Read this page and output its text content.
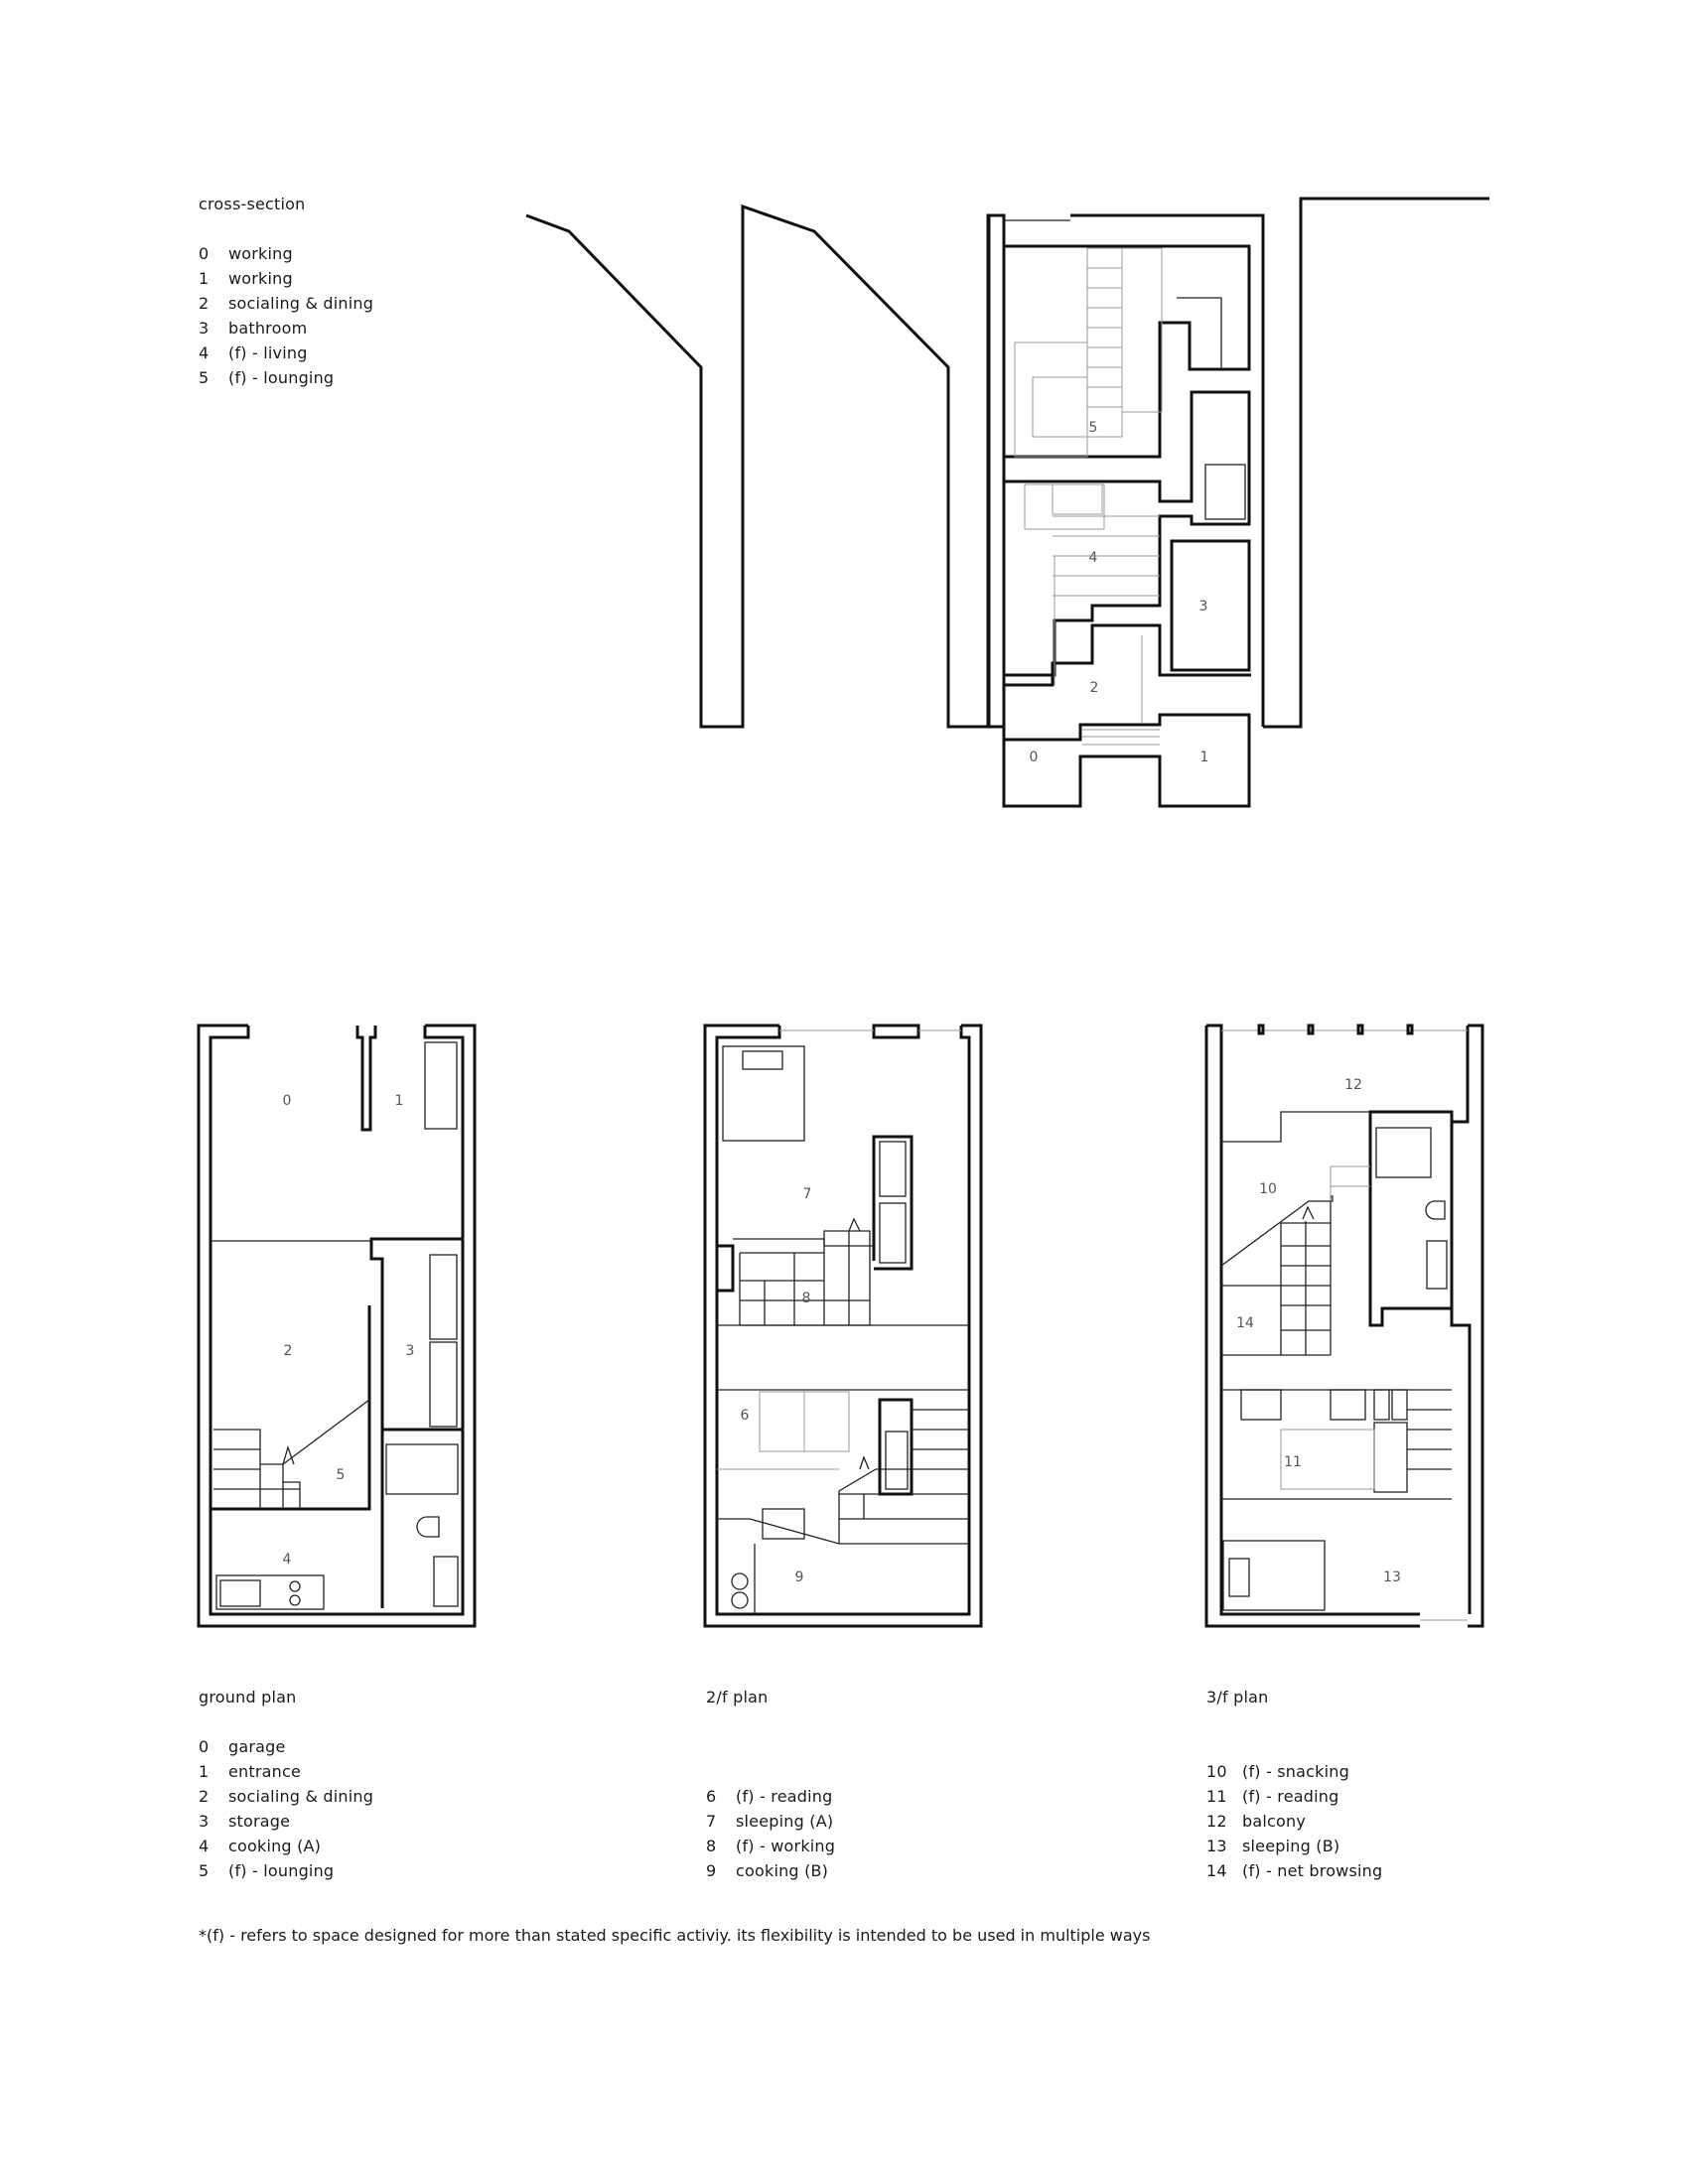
cross-section
0	working
1	working
2	socialing & dining
3	bathroom
4	(f) - living
5	(f) - lounging
ground plan
0	garage
1	entrance
2	socialing & dining
3	storage
4	cooking (A)
5	(f) - lounging
2/f plan
6	(f) - reading
7	sleeping (A)
8	(f) - working
9	cooking (B)
3/f plan
10 (f) - snacking
11 (f) - reading
12 balcony
13 sleeping (B)
14 (f) - net browsing
*(f) - refers to space designed for more than stated specific activiy. its flexibility is intended to be used in multiple ways
0	1
2
3
4
5
0	1
2	3
4
5
7
8
6
9
12
10
14
11
13
